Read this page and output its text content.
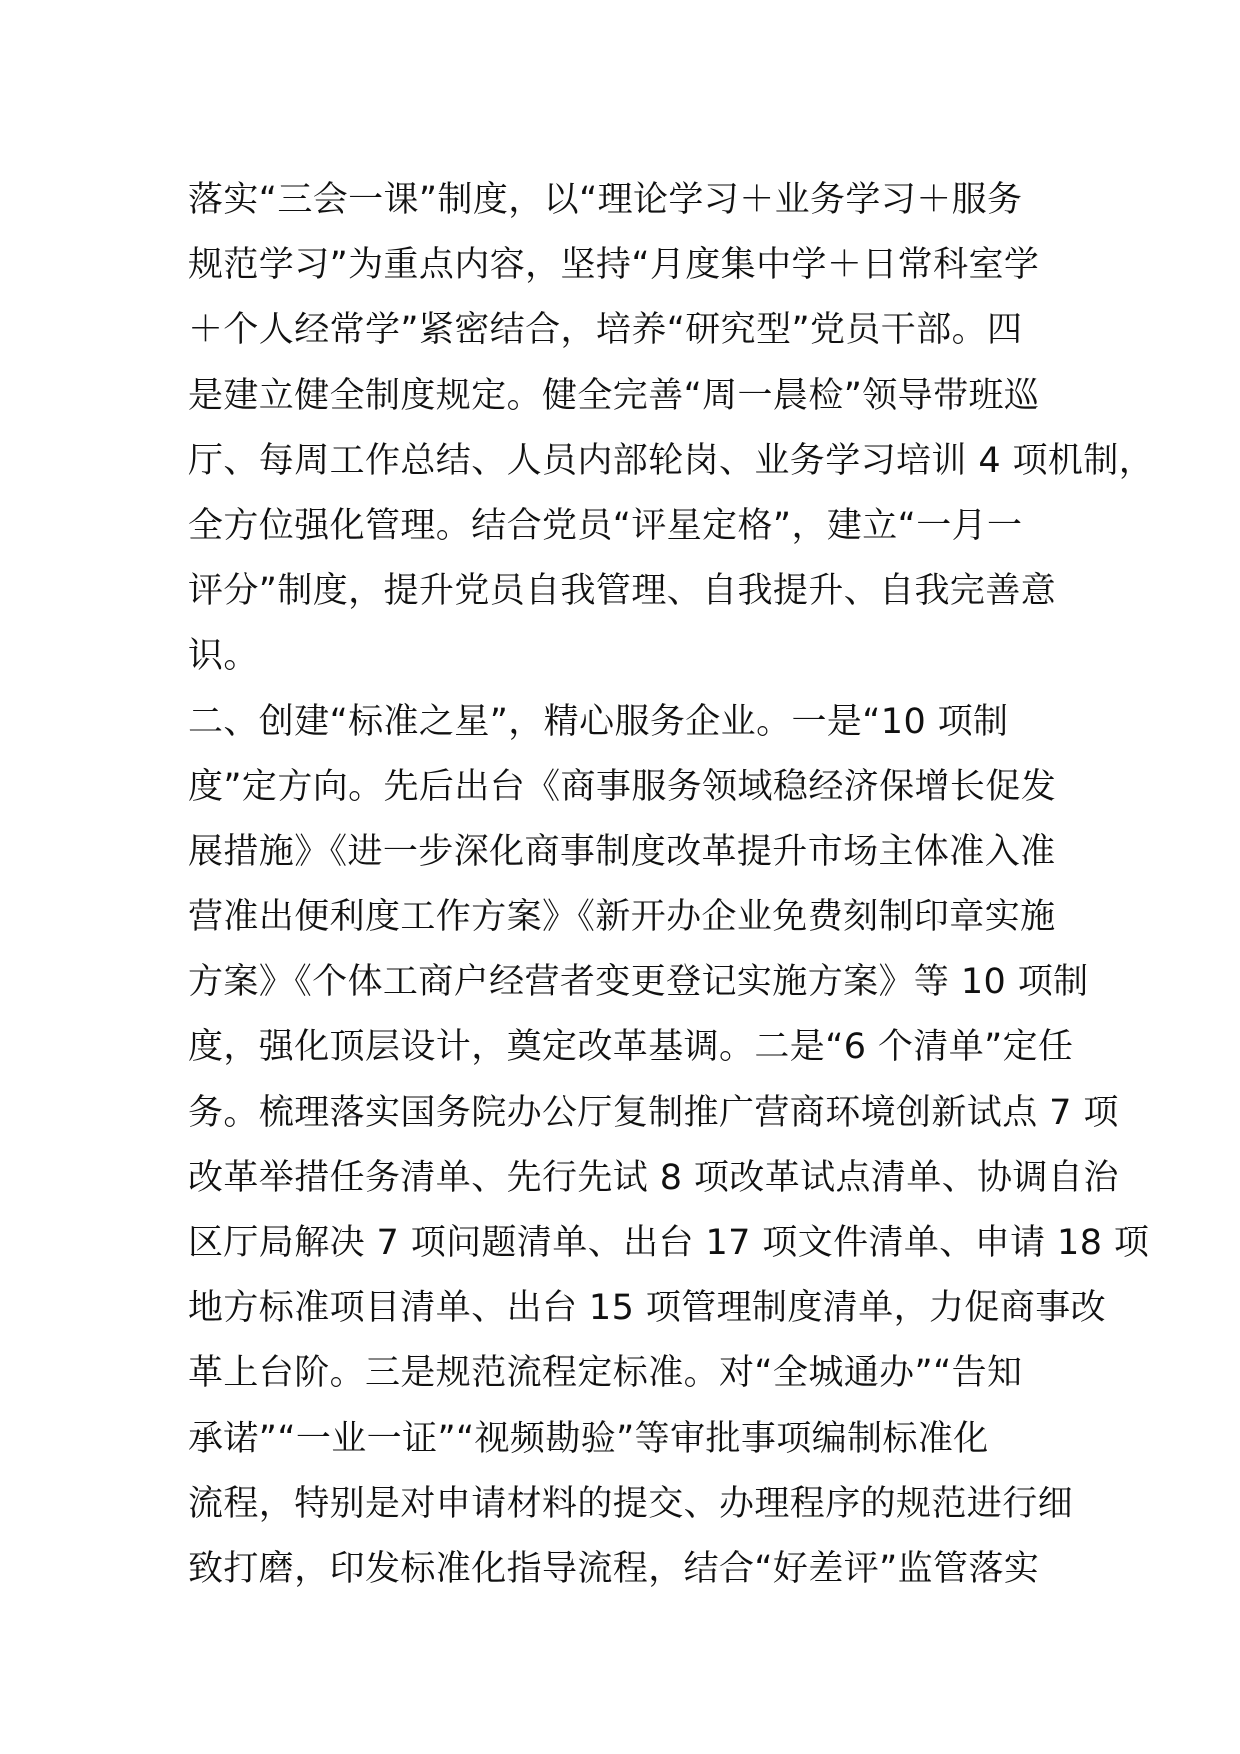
落实“三会一课”制度，以“理论学习＋业务学习＋服务
规范学习”为重点内容，坚持“月度集中学＋日常科室学
＋个人经常学”紧密结合，培养“研究型”党员干部。四
是建立健全制度规定。健全完善“周一晨检”领导带班巡
厅、每周工作总结、人员内部轮岗、业务学习培训 4 项机制，
全方位强化管理。结合党员“评星定格”，建立“一月一
评分”制度，提升党员自我管理、自我提升、自我完善意
识。
二、创建“标准之星”，精心服务企业。一是“10 项制
度”定方向。先后出台《商事服务领域稳经济保增长促发
展措施》《进一步深化商事制度改革提升市场主体准入准
营准出便利度工作方案》《新开办企业免费刻制印章实施
方案》《个体工商户经营者变更登记实施方案》等 10 项制
度，强化顶层设计，奠定改革基调。二是“6 个清单”定任
务。梳理落实国务院办公厅复制推广营商环境创新试点 7 项
改革举措任务清单、先行先试 8 项改革试点清单、协调自治
区厅局解决 7 项问题清单、出台 17 项文件清单、申请 18 项
地方标准项目清单、出台 15 项管理制度清单，力促商事改
革上台阶。三是规范流程定标准。对“全城通办”“告知
承诺”“一业一证”“视频勘验”等审批事项编制标准化
流程，特别是对申请材料的提交、办理程序的规范进行细
致打磨，印发标准化指导流程，结合“好差评”监管落实
